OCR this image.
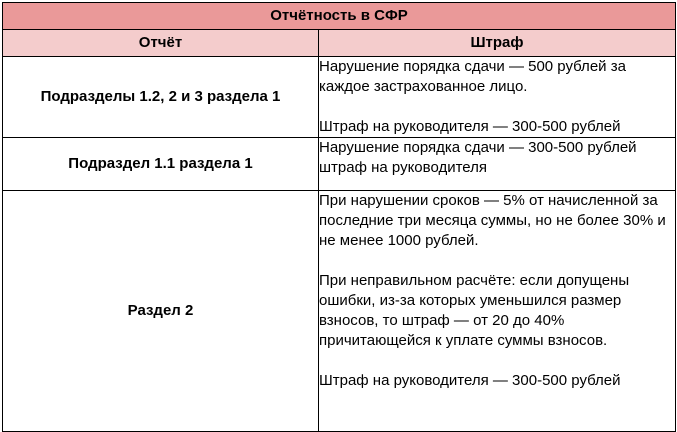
Отчётность в СФР	
Отчёт	Штраф
Подразделы 1.2, 2 и 3 раздела 1	Нарушение порядка сдачи — 500 рублей за каждое застрахованное лицо.

Штраф на руководителя — 300-500 рублей

Подраздел 1.1 раздела 1	Нарушение порядка сдачи — 300-500 рублей штраф на руководителя

Раздел 2	При нарушении сроков — 5% от начисленной за последние три месяца суммы, но не более 30% и не менее 1000 рублей.

При неправильном расчёте: если допущены ошибки, из-за которых уменьшился размер взносов, то штраф — от 20 до 40% причитающейся к уплате суммы взносов.

Штраф на руководителя — 300-500 рублей
